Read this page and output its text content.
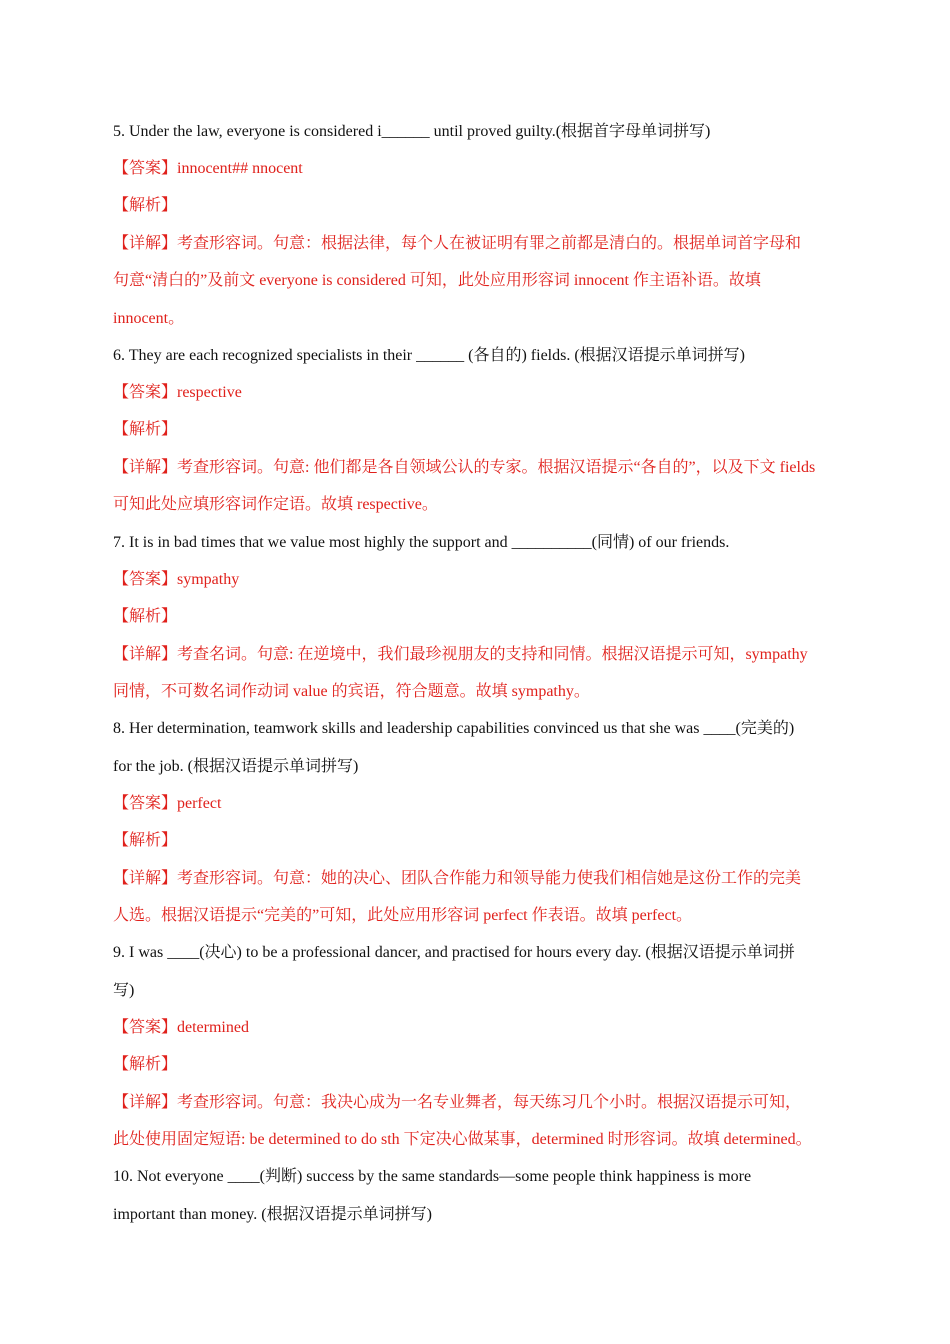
5. Under the law, everyone is considered i______ until proved guilty.(根据首字母单词拼写)
【答案】innocent## nnocent
【解析】
【详解】考查形容词。句意：根据法律，每个人在被证明有罪之前都是清白的。根据单词首字母和
句意“清白的”及前文 everyone is considered 可知，此处应用形容词 innocent 作主语补语。故填
innocent。
6. They are each recognized specialists in their ______ (各自的) fields. (根据汉语提示单词拼写)
【答案】respective
【解析】
【详解】考查形容词。句意: 他们都是各自领域公认的专家。根据汉语提示“各自的”，以及下文 fields
可知此处应填形容词作定语。故填 respective。
7. It is in bad times that we value most highly the support and __________(同情) of our friends.
【答案】sympathy
【解析】
【详解】考查名词。句意: 在逆境中，我们最珍视朋友的支持和同情。根据汉语提示可知，sympathy
同情，不可数名词作动词 value 的宾语，符合题意。故填 sympathy。
8. Her determination, teamwork skills and leadership capabilities convinced us that she was ____(完美的)
for the job. (根据汉语提示单词拼写)
【答案】perfect
【解析】
【详解】考查形容词。句意：她的决心、团队合作能力和领导能力使我们相信她是这份工作的完美
人选。根据汉语提示“完美的”可知，此处应用形容词 perfect 作表语。故填 perfect。
9. I was ____(决心) to be a professional dancer, and practised for hours every day. (根据汉语提示单词拼
写)
【答案】determined
【解析】
【详解】考查形容词。句意：我决心成为一名专业舞者，每天练习几个小时。根据汉语提示可知，
此处使用固定短语: be determined to do sth 下定决心做某事，determined 时形容词。故填 determined。
10. Not everyone ____(判断) success by the same standards—some people think happiness is more
important than money. (根据汉语提示单词拼写)
